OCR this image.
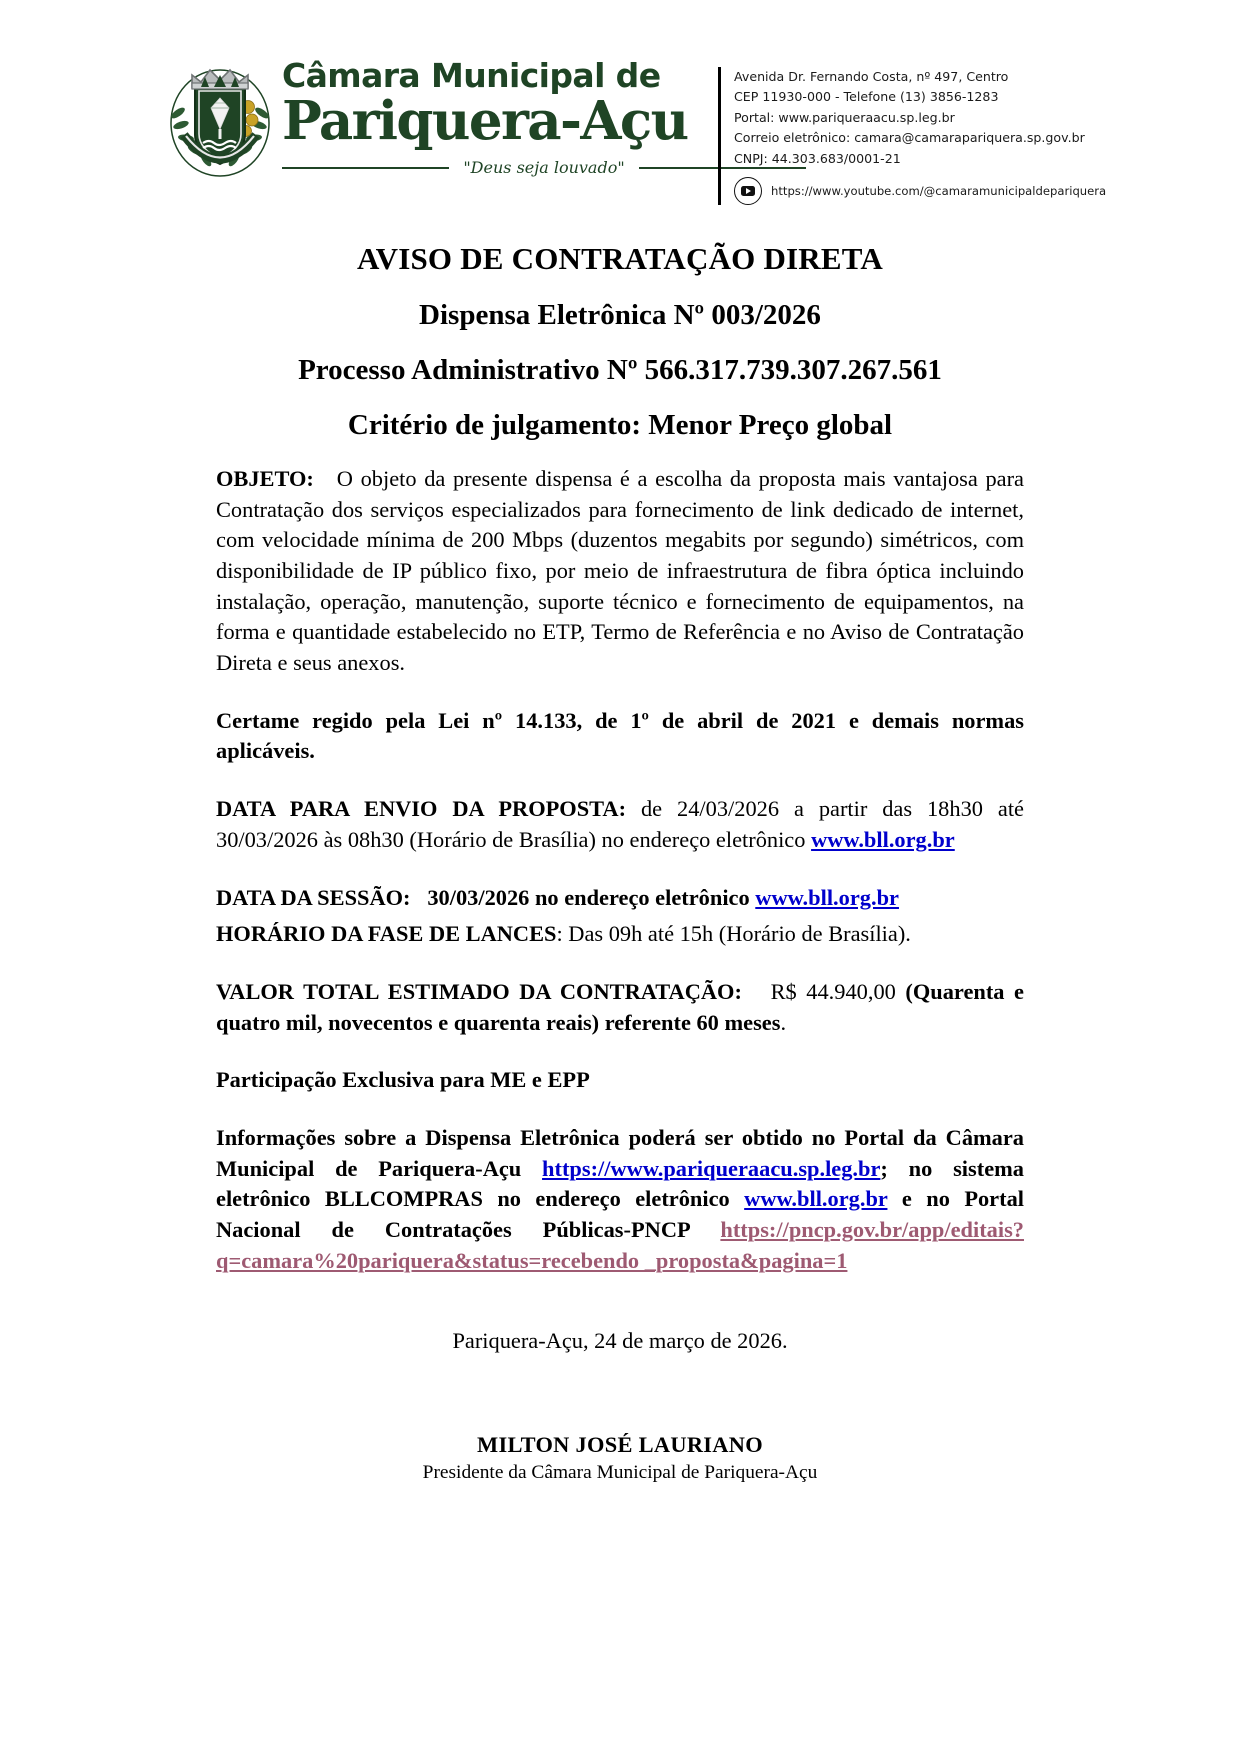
Câmara Municipal de
Pariquera-Açu
"Deus seja louvado"
Avenida Dr. Fernando Costa, nº 497, Centro
CEP 11930-000 - Telefone (13) 3856-1283
Portal: www.pariqueraacu.sp.leg.br
Correio eletrônico: camara@camarapariquera.sp.gov.br
CNPJ: 44.303.683/0001-21
https://www.youtube.com/@camaramunicipaldepariquera
AVISO DE CONTRATAÇÃO DIRETA
Dispensa Eletrônica Nº 003/2026
Processo Administrativo Nº 566.317.739.307.267.561
Critério de julgamento: Menor Preço global

OBJETO: O objeto da presente dispensa é a escolha da proposta mais vantajosa para Contratação dos serviços especializados para fornecimento de link dedicado de internet, com velocidade mínima de 200 Mbps (duzentos megabits por segundo) simétricos, com disponibilidade de IP público fixo, por meio de infraestrutura de fibra óptica incluindo instalação, operação, manutenção, suporte técnico e fornecimento de equipamentos, na forma e quantidade estabelecido no ETP, Termo de Referência e no Aviso de Contratação Direta e seus anexos.

Certame regido pela Lei nº 14.133, de 1º de abril de 2021 e demais normas aplicáveis.

DATA PARA ENVIO DA PROPOSTA: de 24/03/2026 a partir das 18h30 até 30/03/2026 às 08h30 (Horário de Brasília) no endereço eletrônico www.bll.org.br

DATA DA SESSÃO: 30/03/2026 no endereço eletrônico www.bll.org.br

HORÁRIO DA FASE DE LANCES: Das 09h até 15h (Horário de Brasília).

VALOR TOTAL ESTIMADO DA CONTRATAÇÃO: R$ 44.940,00 (Quarenta e quatro mil, novecentos e quarenta reais) referente 60 meses.

Participação Exclusiva para ME e EPP

Informações sobre a Dispensa Eletrônica poderá ser obtido no Portal da Câmara Municipal de Pariquera-Açu https://www.pariqueraacu.sp.leg.br; no sistema eletrônico BLLCOMPRAS no endereço eletrônico www.bll.org.br e no Portal Nacional de Contratações Públicas-PNCP https://pncp.gov.br/app/editais?q=camara%20pariquera&status=recebendo _proposta&pagina=1

Pariquera-Açu, 24 de março de 2026.

MILTON JOSÉ LAURIANO
Presidente da Câmara Municipal de Pariquera-Açu
